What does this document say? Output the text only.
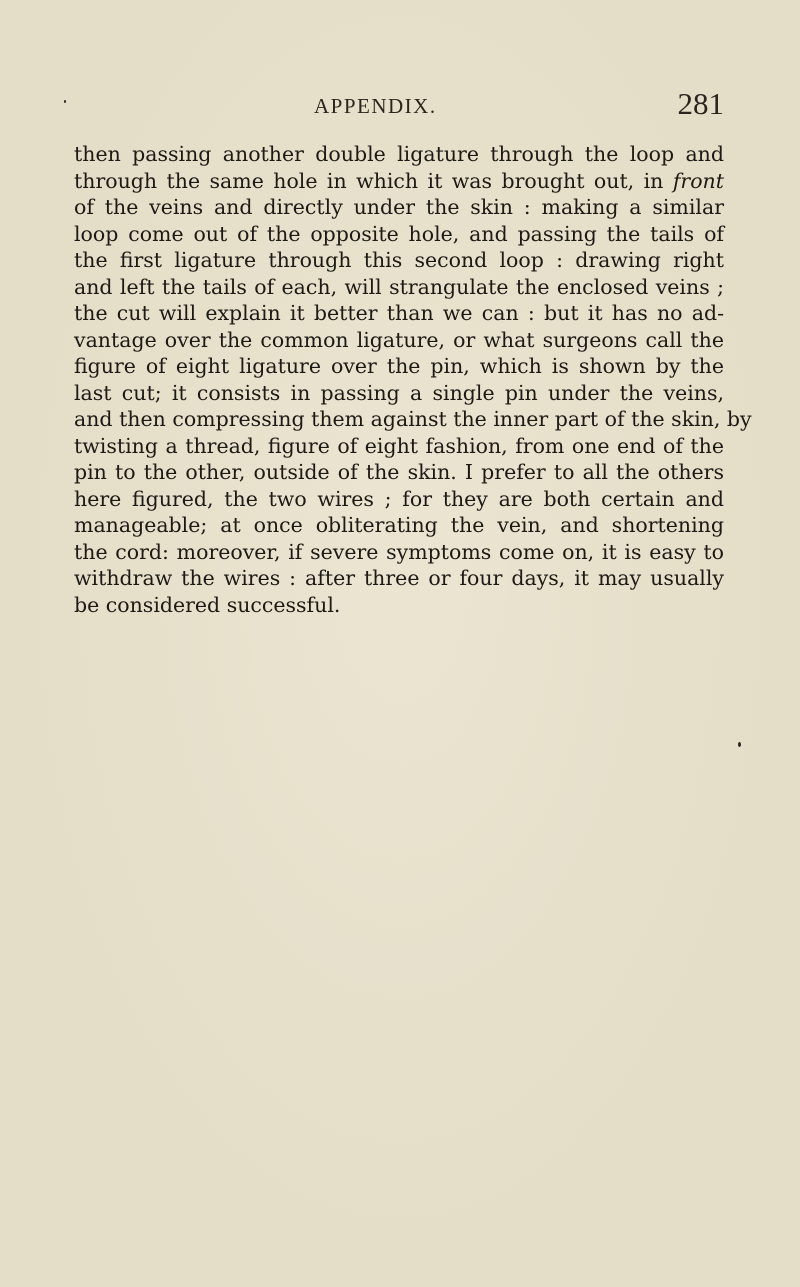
APPENDIX.	281
then passing another double ligature through the loop and
through the same hole in which it was brought out, in front
of the veins and directly under the skin : making a similar
loop come out of the opposite hole, and passing the tails of
the first ligature through this second loop : drawing right
and left the tails of each, will strangulate the enclosed veins ;
the cut will explain it better than we can : but it has no ad-
vantage over the common ligature, or what surgeons call the
figure of eight ligature over the pin, which is shown by the
last cut; it consists in passing a single pin under the veins,
and then compressing them against the inner part of the skin, by
twisting a thread, figure of eight fashion, from one end of the
pin to the other, outside of the skin. I prefer to all the others
here figured, the two wires ; for they are both certain and
manageable; at once obliterating the vein, and shortening
the cord: moreover, if severe symptoms come on, it is easy to
withdraw the wires : after three or four days, it may usually
be considered successful.
